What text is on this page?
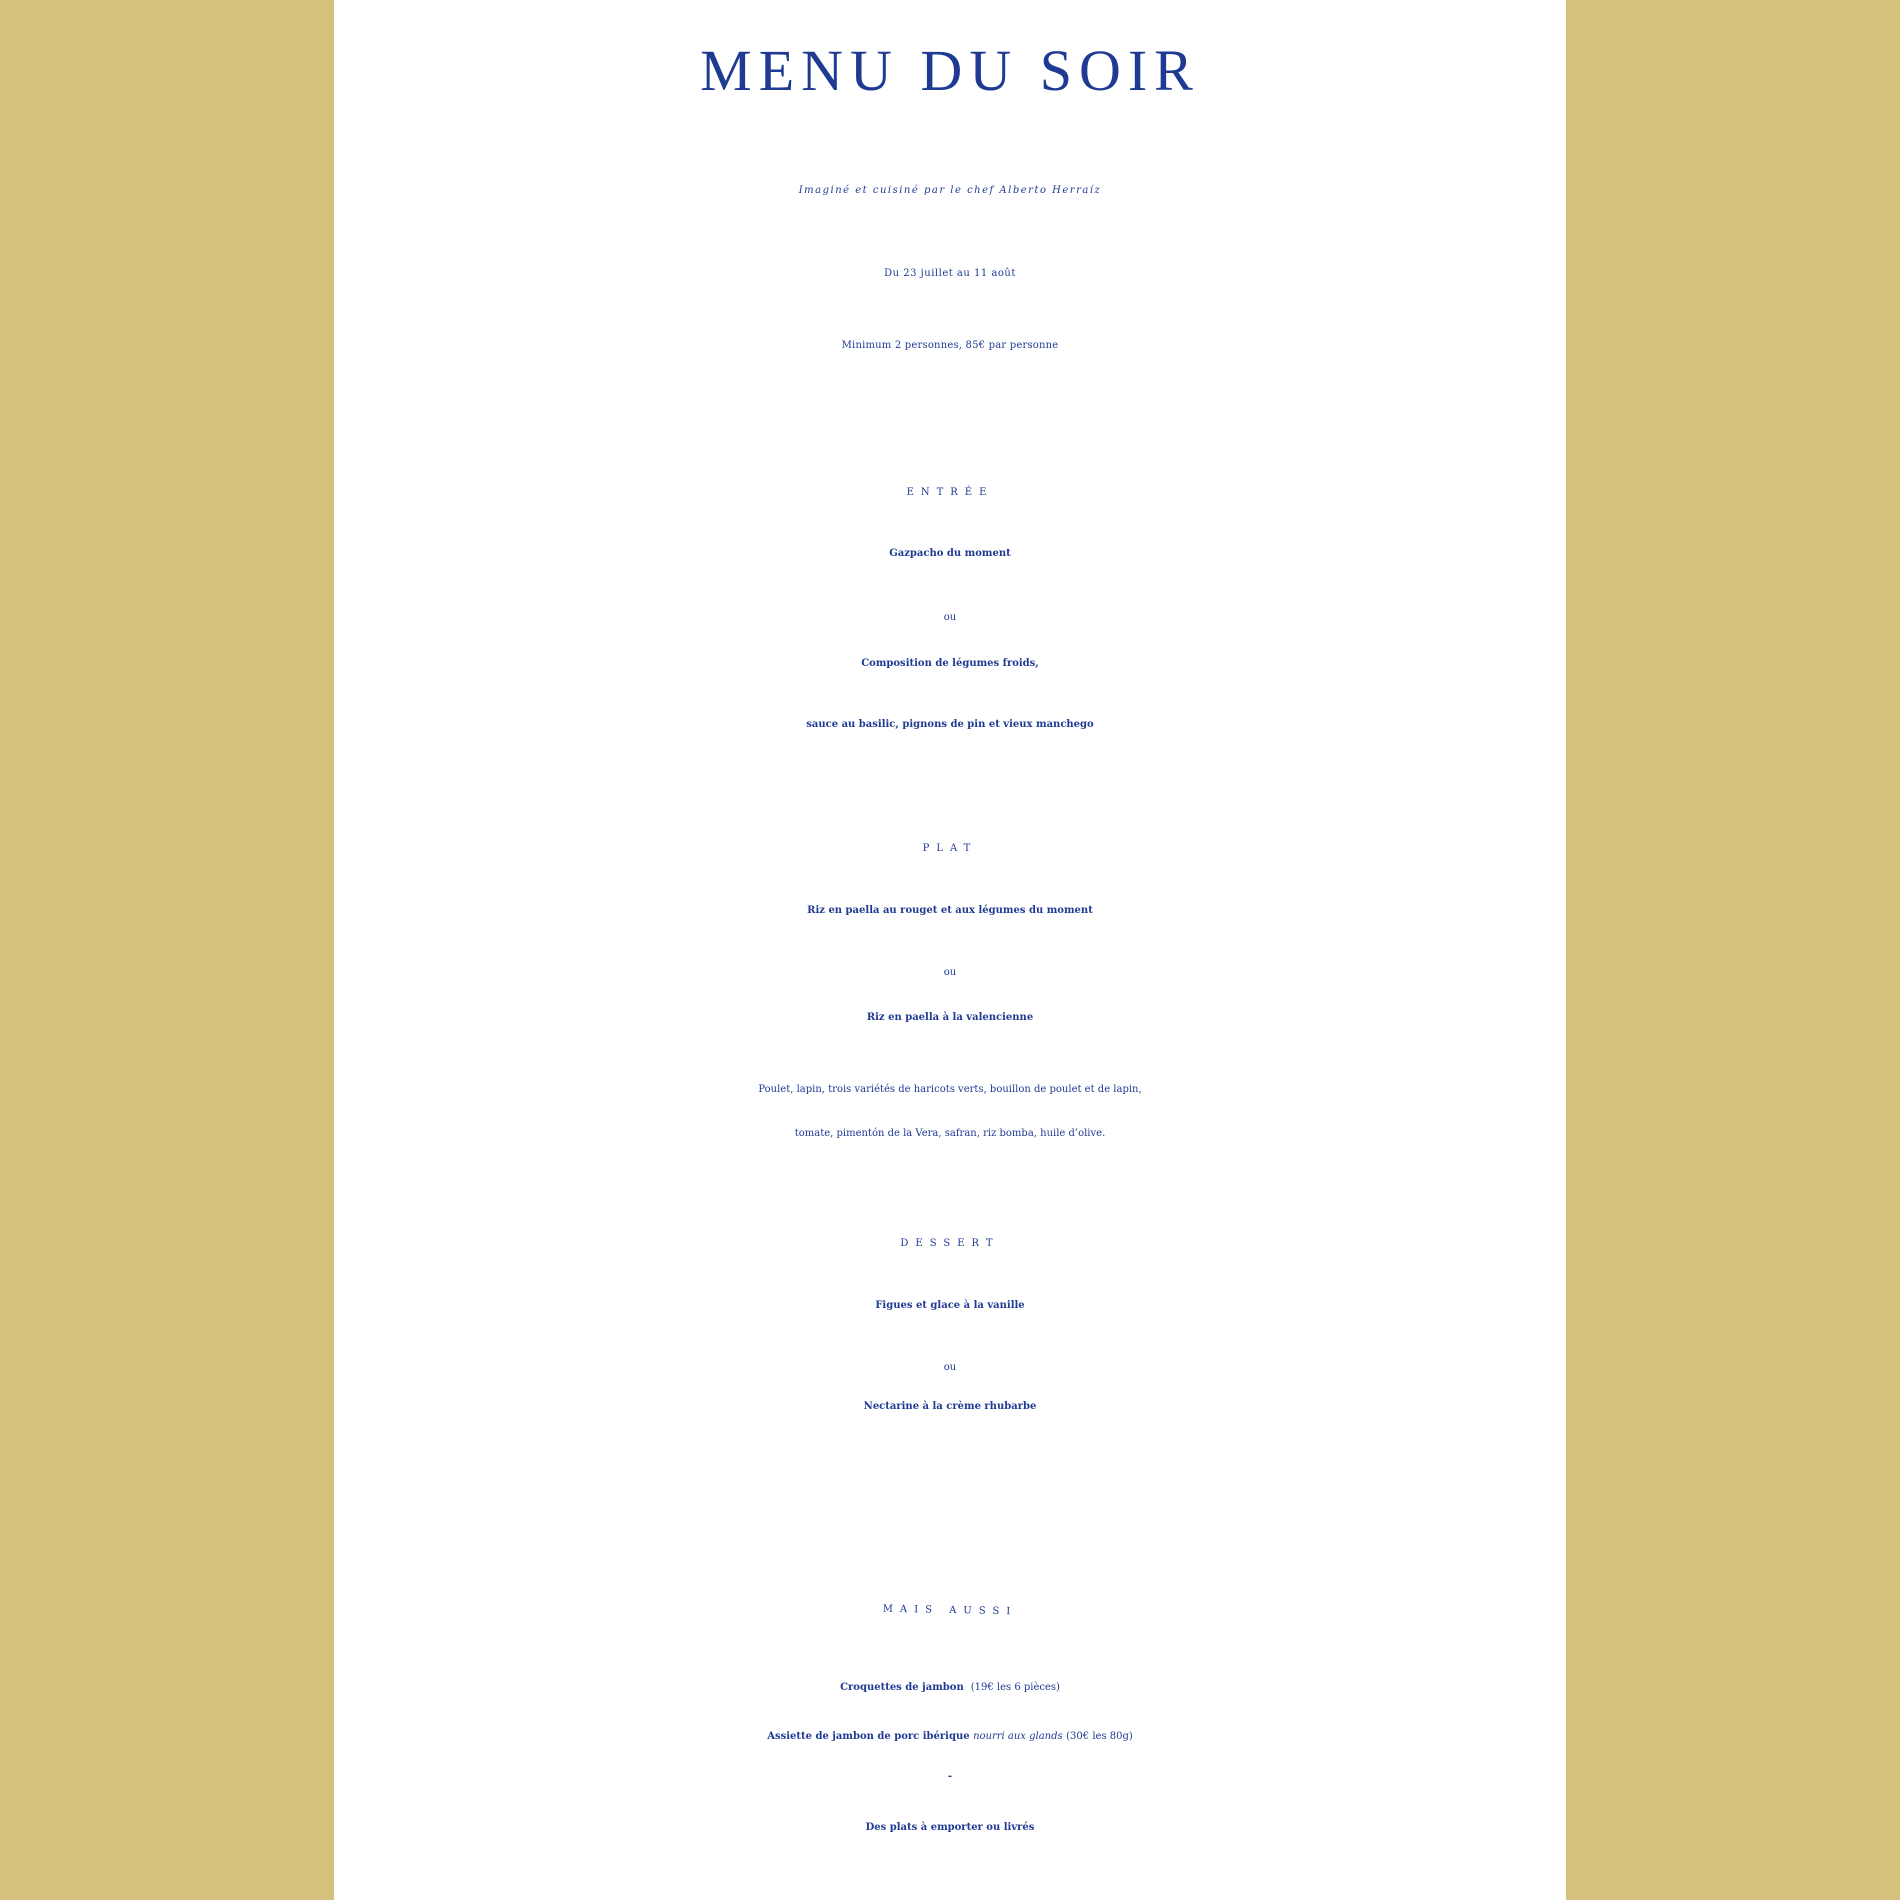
MENU DU SOIR
Imaginé et cuisiné par le chef Alberto Herraíz
Du 23 juillet au 11 août
Minimum 2 personnes, 85€ par personne
ENTRÉE
Gazpacho du moment
ou
Composition de légumes froids,
sauce au basilic, pignons de pin et vieux manchego
PLAT
Riz en paella au rouget et aux légumes du moment
ou
Riz en paella à la valencienne
Poulet, lapin, trois variétés de haricots verts, bouillon de poulet et de lapin,
tomate, pimentón de la Vera, safran, riz bomba, huile d’olive.
DESSERT
Figues et glace à la vanille
ou
Nectarine à la crème rhubarbe
MAIS AUSSI
Croquettes de jambon (19€ les 6 pièces)
Assiette de jambon de porc ibérique nourri aux glands (30€ les 80g)
-
Des plats à emporter ou livrés
